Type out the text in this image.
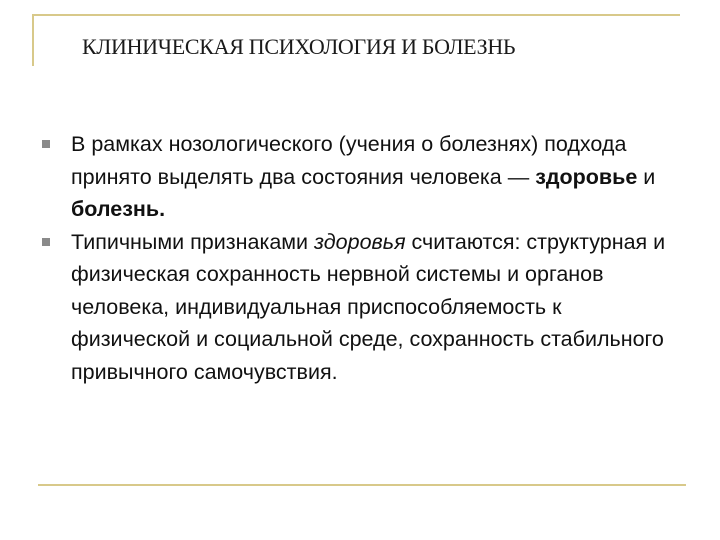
КЛИНИЧЕСКАЯ ПСИХОЛОГИЯ И БОЛЕЗНЬ
В рамках нозологического (учения о болезнях) подхода принято выделять два состояния человека — здоровье и болезнь.
Типичными признаками здоровья считаются: структурная и физическая сохранность нервной системы и органов человека, индивидуальная приспособляемость к физической и социальной среде, сохранность стабильного привычного самочувствия.
